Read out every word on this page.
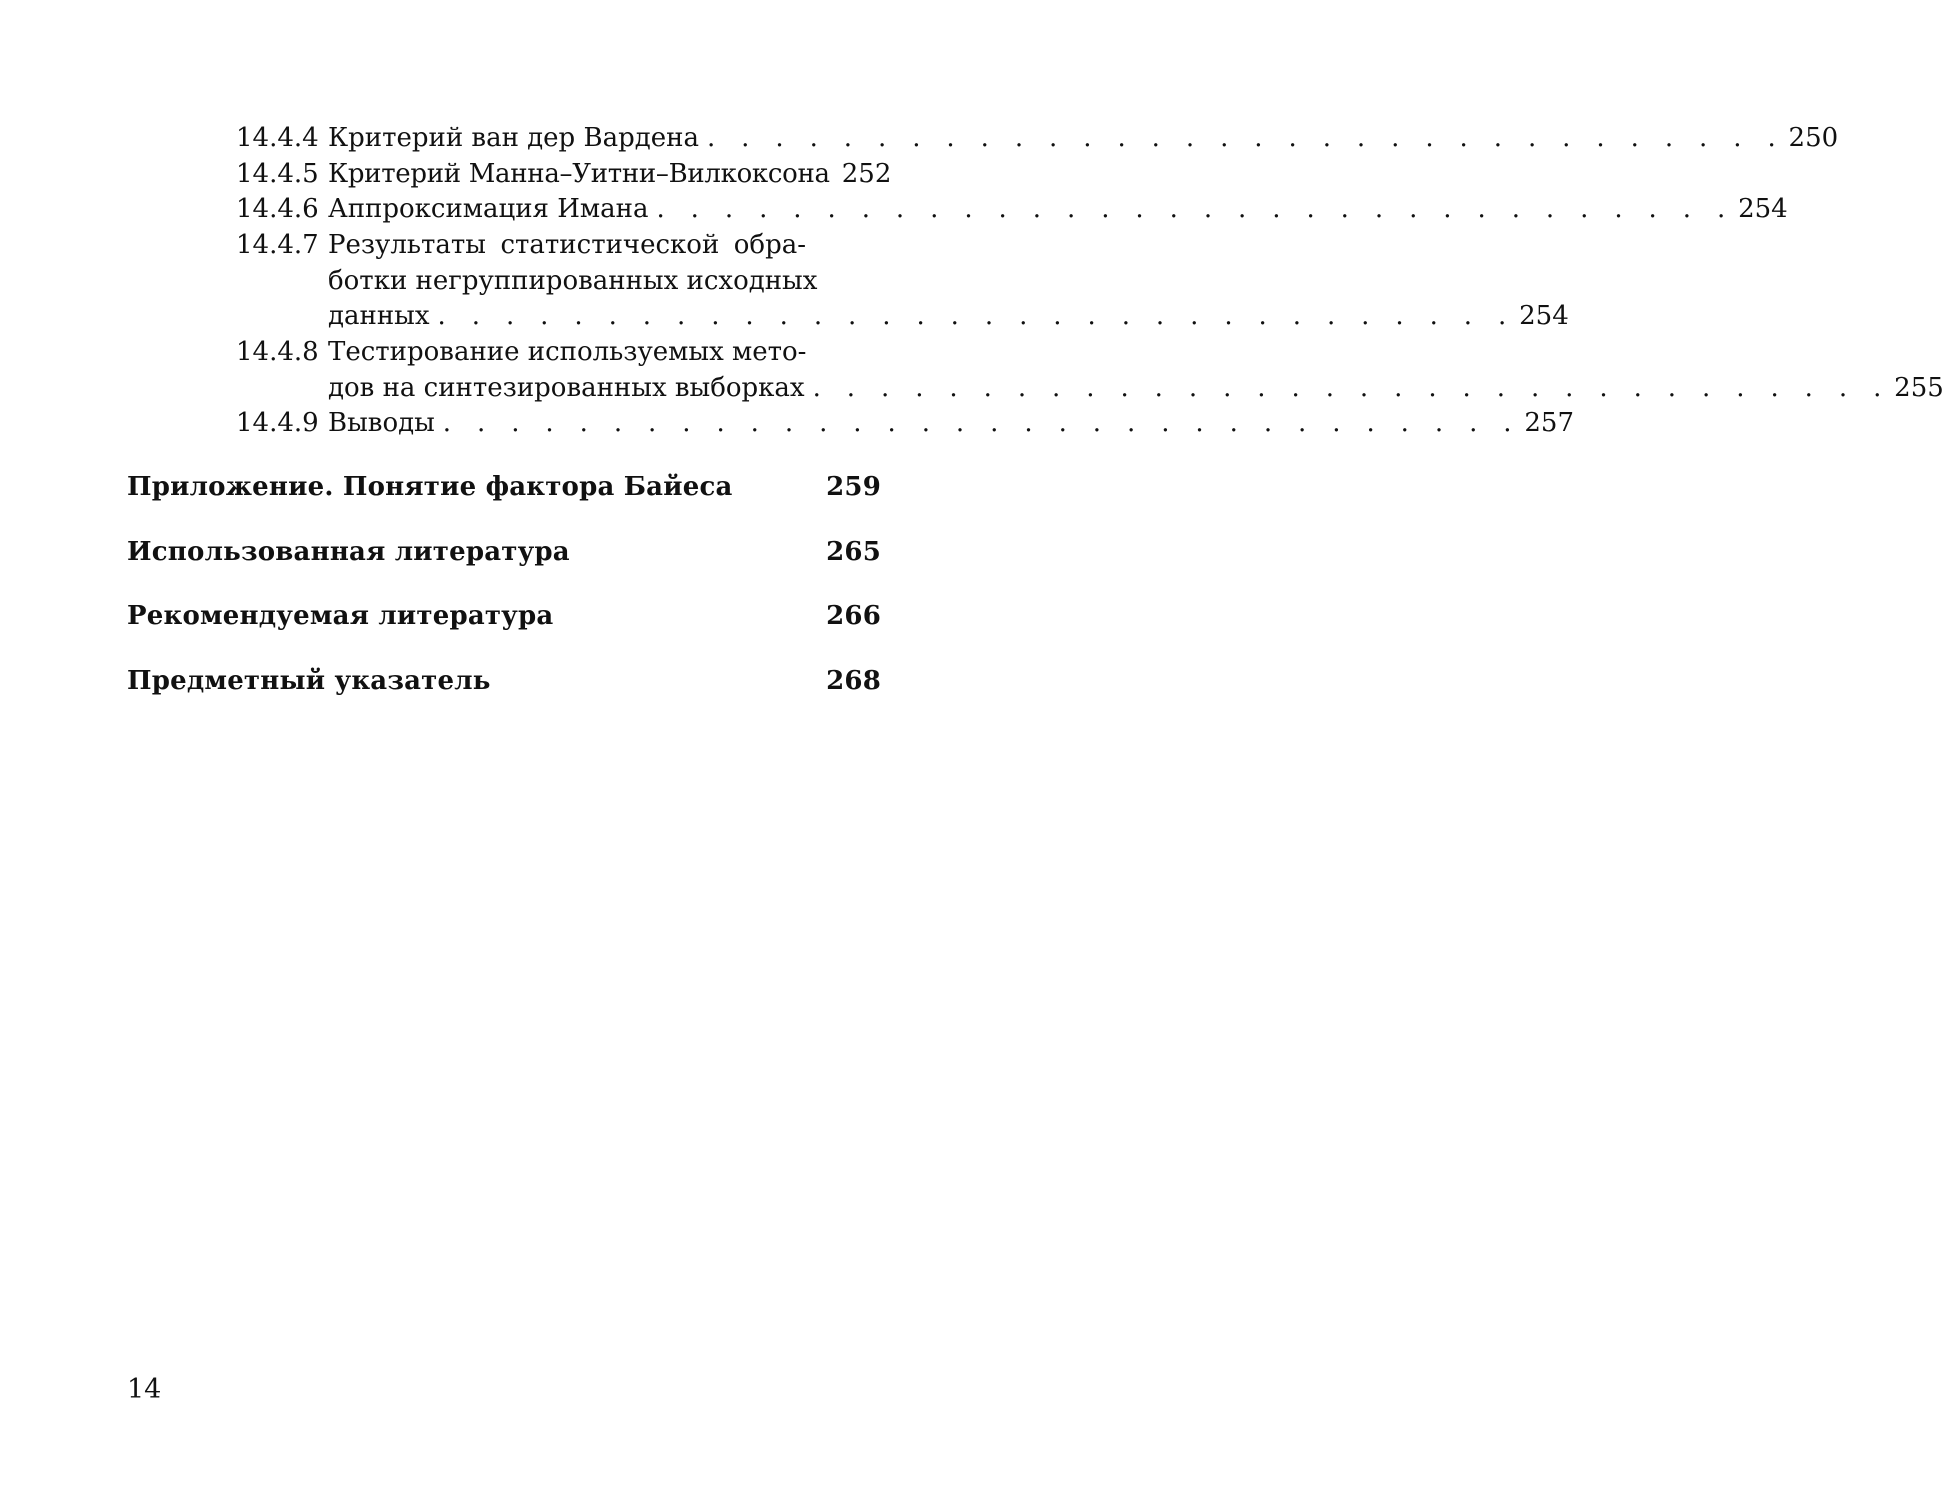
14.4.4 Критерий ван дер Вардена . . . . . . . . . . . . . . . . . . . . . . . . . . . . . . . . 250
14.4.5 Критерий Манна–Уитни–Вилкоксона 252
14.4.6 Аппроксимация Имана . . . . . . . . . . . . . . . . . . . . . . . . . . . . . . . . 254
14.4.7 Результаты статистической обра-
ботки негруппированных исходных
данных . . . . . . . . . . . . . . . . . . . . . . . . . . . . . . . . 254
14.4.8 Тестирование используемых мето-
дов на синтезированных выборках . . . . . . . . . . . . . . . . . . . . . . . . . . . . . . . . 255
14.4.9 Выводы . . . . . . . . . . . . . . . . . . . . . . . . . . . . . . . . 257
Приложение. Понятие фактора Байеса	259
Использованная литература	265
Рекомендуемая литература	266
Предметный указатель	268
14
